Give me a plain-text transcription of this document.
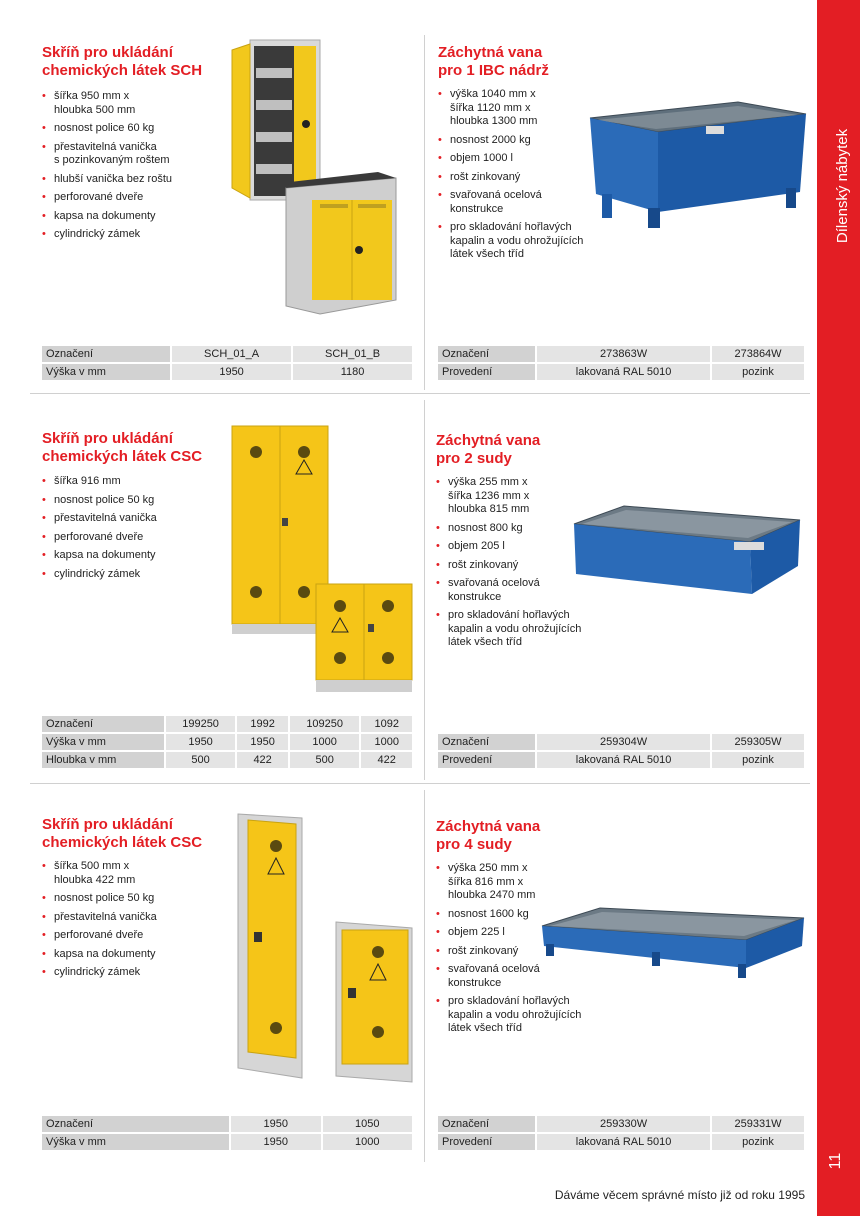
Dílenský nábytek
11
Skříň pro ukládání
chemických látek SCH
• šířka 950 mm x
hloubka 500 mm
• nosnost police 60 kg
• přestavitelná vanička
s pozinkovaným roštem
• hlubší vanička bez roštu
• perforované dveře
• kapsa na dokumenty
• cylindrický zámek
Označení	SCH_01_A	SCH_01_B
Výška v mm	1950	1180
Záchytná vana
pro 1 IBC nádrž
• výška 1040 mm x
šířka 1120 mm x
hloubka 1300 mm
• nosnost 2000 kg
• objem 1000 l
• rošt zinkovaný
• svařovaná ocelová
konstrukce
• pro skladování hořlavých
kapalin a vodu ohrožujících
látek všech tříd
Označení	273863W	273864W
Provedení	lakovaná RAL 5010	pozink
Skříň pro ukládání
chemických látek CSC
• šířka 916 mm
• nosnost police 50 kg
• přestavitelná vanička
• perforované dveře
• kapsa na dokumenty
• cylindrický zámek
Označení	199250	1992	109250	1092
Výška v mm	1950	1950	1000	1000
Hloubka v mm	500	422	500	422
Záchytná vana
pro 2 sudy
• výška 255 mm x
šířka 1236 mm x
hloubka 815 mm
• nosnost 800 kg
• objem 205 l
• rošt zinkovaný
• svařovaná ocelová
konstrukce
• pro skladování hořlavých
kapalin a vodu ohrožujících
látek všech tříd
Označení	259304W	259305W
Provedení	lakovaná RAL 5010	pozink
Skříň pro ukládání
chemických látek CSC
• šířka 500 mm x
hloubka 422 mm
• nosnost police 50 kg
• přestavitelná vanička
• perforované dveře
• kapsa na dokumenty
• cylindrický zámek
Označení	1950	1050
Výška v mm	1950	1000
Záchytná vana
pro 4 sudy
• výška 250 mm x
šířka 816 mm x
hloubka 2470 mm
• nosnost 1600 kg
• objem 225 l
• rošt zinkovaný
• svařovaná ocelová
konstrukce
• pro skladování hořlavých
kapalin a vodu ohrožujících
látek všech tříd
Označení	259330W	259331W
Provedení	lakovaná RAL 5010	pozink
Dáváme věcem správné místo již od roku 1995
